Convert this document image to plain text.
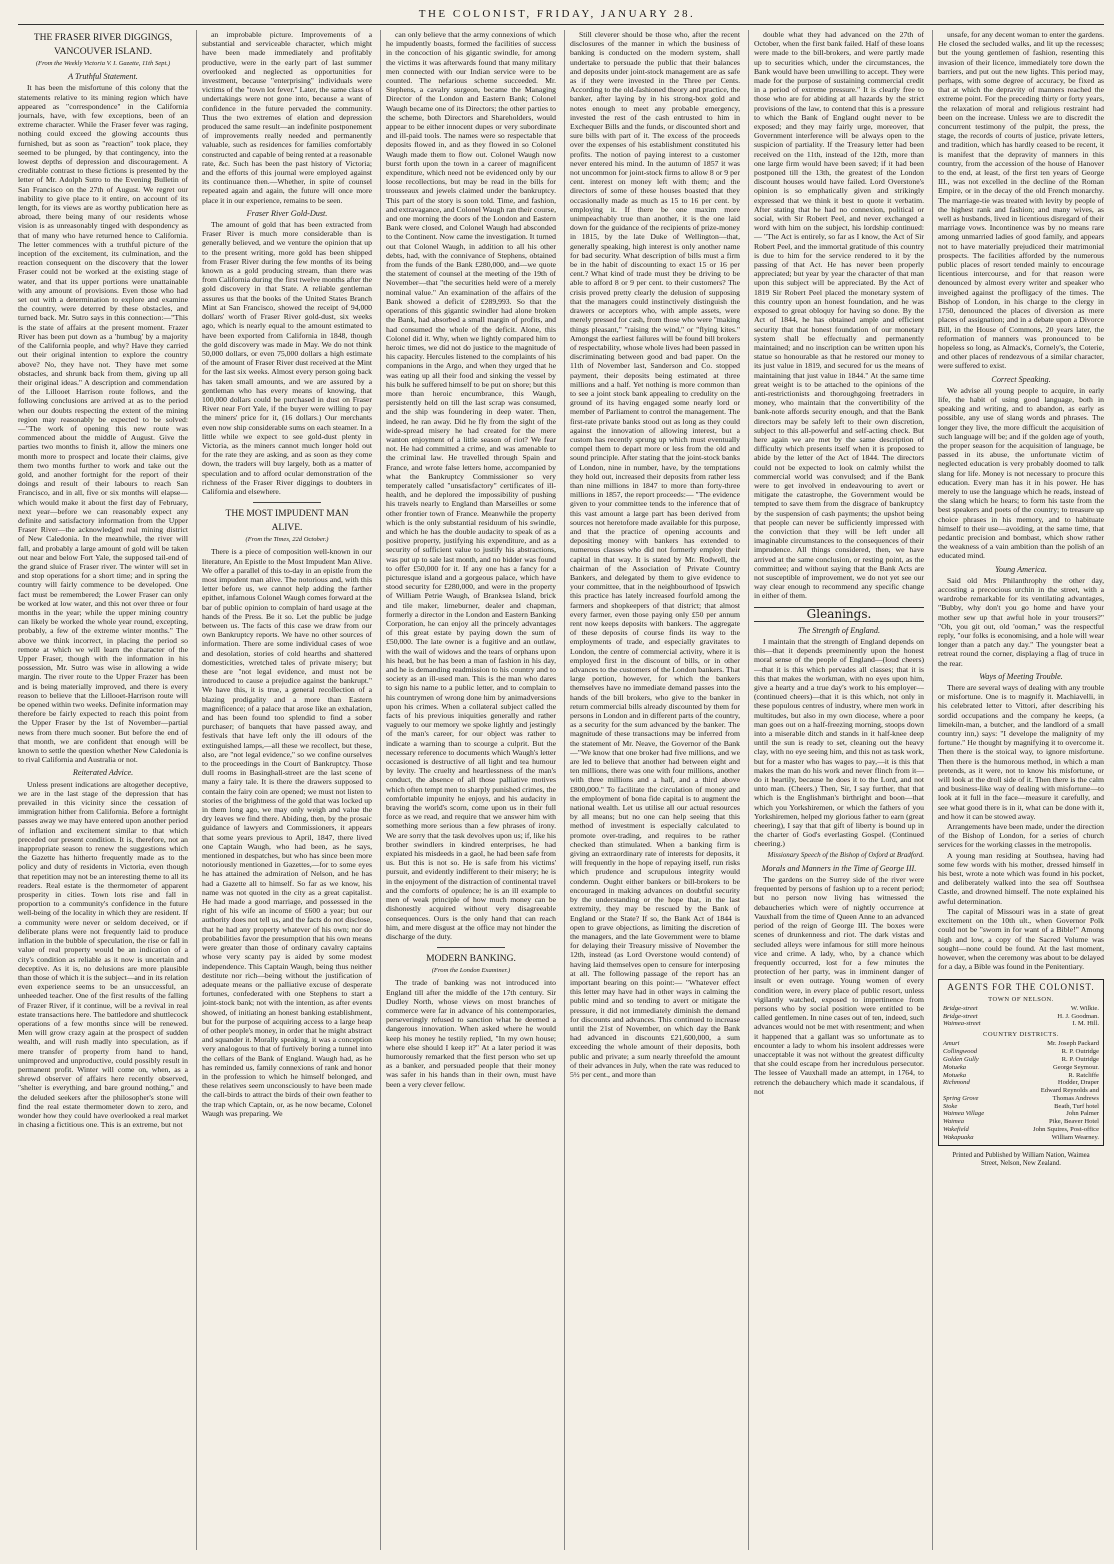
THE COLONIST, FRIDAY, JANUARY 28.
THE FRASER RIVER DIGGINGS,
VANCOUVER ISLAND.
(From the Weekly Victoria V. I. Gazette, 11th Sept.)
A Truthful Statement.

It has been the misfortune of this colony that the statements relative to its mining region which have appeared as "correspondence" in the California journals, have, with few exceptions, been of an extreme character. While the Fraser fever was raging, nothing could exceed the glowing accounts thus furnished, but as soon as "reaction" took place, they seemed to be plunged, by that contingency, into the lowest depths of depression and discouragement. A creditable contrast to these fictions is presented by the letter of Mr. Adolph Sutro to the Evening Bulletin of San Francisco on the 27th of August. We regret our inability to give place to it entire, on account of its length, for its views are as worthy publication here as abroad, there being many of our residents whose vision is as unreasonably tinged with despondency as that of many who have returned hence to California. The letter commences with a truthful picture of the inception of the excitement, its culmination, and the reaction consequent on the discovery that the lower Fraser could not be worked at the existing stage of water, and that its upper portions were unattainable with any amount of provisions. Even those who had set out with a determination to explore and examine the country, were deterred by these obstacles, and turned back. Mr. Sutro says in this connection:—"This is the state of affairs at the present moment. Frazer River has been put down as a 'humbug' by a majority of the California people, and why? Have they carried out their original intention to explore the country above? No, they have not. They have met some obstacles, and shrunk back from them, giving up all their original ideas." A description and commendation of the Lillooet Harrison route follows, and the following conclusions are arrived at as to the period when our doubts respecting the extent of the mining region may reasonably be expected to be solved:—"The work of opening this new route was commenced about the middle of August. Give the parties two months to finish it, allow the miners one month more to prospect and locate their claims, give them two months further to work and take out the gold, and another fortnight for the report of their doings and result of their labours to reach San Francisco, and in all, five or six months will elapse—which would make it about the first day of February, next year—before we can reasonably expect any definite and satisfactory information from the Upper Fraser River—the acknowledged real mining district of New Caledonia. In the meanwhile, the river will fall, and probably a large amount of gold will be taken out near and below Fort Yale, the supposed tail-end of the grand sluice of Fraser river. The winter will set in and stop operations for a short time; and in spring the country will fairly commence to be developed. One fact must be remembered; the Lower Fraser can only be worked at low water, and this not over three or four months in the year; while the upper mining country can likely be worked the whole year round, excepting, probably, a few of the extreme winter months." The above we think incorrect, in placing the period so remote at which we will learn the character of the Upper Fraser, though with the information in his possession, Mr. Sutro was wise in allowing a wide margin. The river route to the Upper Frazer has been and is being materially improved, and there is every reason to believe that the Lillooet-Harrison route will be opened within two weeks. Definite information may therefore be fairly expected to reach this point from the Upper Fraser by the 1st of November—partial news from there much sooner. But before the end of that month, we are confident that enough will be known to settle the question whether New Caledonia is to rival California and Australia or not.

Reiterated Advice.

Unless present indications are altogether deceptive, we are in the last stage of the depression that has prevailed in this vicinity since the cessation of immigration hither from California. Before a fortnight passes away we may have entered upon another period of inflation and excitement similar to that which preceded our present condition. It is, therefore, not an inappropriate season to renew the suggestions which the Gazette has hitherto frequently made as to the policy and duty of residents in Victoria, even though that repetition may not be an interesting theme to all its readers. Real estate is the thermometer of apparent prosperity in cities. Town lots rise and fall in proportion to a community's confidence in the future well-being of the locality in which they are resident. If a community were never or seldom deceived, or if deliberate plans were not frequently laid to produce inflation in the bubble of speculation, the rise or fall in value of real property would be an indication of a city's condition as reliable as it now is uncertain and deceptive. As it is, no delusions are more plausible than those of which it is the subject—and in its relation even experience seems to be an unsuccessful, an unheeded teacher. One of the first results of the falling of Frazer River, if it continue, will be a revival in real estate transactions here. The battledore and shuttlecock operations of a few months since will be renewed. Men will grow crazy again at the prospect of sudden wealth, and will rush madly into speculation, as if mere transfer of property from hand to hand, unimproved and unproductive, could possibly result in permanent profit. Winter will come on, when, as a shrewd observer of affairs here recently observed, "shelter is everything, and bare ground nothing," and the deluded seekers after the philosopher's stone will find the real estate thermometer down to zero, and wonder how they could have overlooked a real market in chasing a fictitious one. This is an extreme, but not

an improbable picture. Improvements of a substantial and serviceable character, which might have been made immediately and profitably productive, were in the early part of last summer overlooked and neglected as opportunities for investment, because "enterprising" individuals were victims of the "town lot fever." Later, the same class of undertakings were not gone into, because a want of confidence in the future pervaded the community. Thus the two extremes of elation and depression produced the same result—an indefinite postponement of improvements really needed and permanently valuable, such as residences for families comfortably constructed and capable of being rented at a reasonable rate, &c. Such has been the past history of Victoria; and the efforts of this journal were employed against its continuance then.—Whether, in spite of counsel repeated again and again, the future will once more place it in our experience, remains to be seen.

Fraser River Gold-Dust.

The amount of gold that has been extracted from Fraser River is much more considerable than is generally believed, and we venture the opinion that up to the present writing, more gold has been shipped from Fraser River during the few months of its being known as a gold producing stream, than there was from California during the first twelve months after the gold discovery in that State. A reliable gentleman assures us that the books of the United States Branch Mint at San Francisco, showed the receipt of 94,000 dollars' worth of Fraser River gold-dust, six weeks ago, which is nearly equal to the amount estimated to have been exported from California in 1848, though the gold discovery was made in May. We do not think 50,000 dollars, or even 75,000 dollars a high estimate of the amount of Fraser River dust received at the Mint for the last six weeks. Almost every person going back has taken small amounts, and we are assured by a gentleman who has every means of knowing, that 100,000 dollars could be purchased in dust on Fraser River near Fort Yale, if the buyer were willing to pay the miners' price for it, (16 dollars.) Our merchants even now ship considerable sums on each steamer. In a little while we expect to see gold-dust plenty in Victoria, as the miners cannot much longer hold out for the rate they are asking, and as soon as they come down, the traders will buy largely, both as a matter of speculation and to afford ocular demonstration of the richness of the Fraser River diggings to doubters in California and elsewhere.

THE MOST IMPUDENT MAN
ALIVE.
(From the Times, 22d October.)

There is a piece of composition well-known in our literature, An Epistle to the Most Impudent Man Alive. We offer a parallel of this to-day in an epistle from the most impudent man alive. The notorious and, with this letter before us, we cannot help adding the farther epithet, infamous Colonel Waugh comes forward at the bar of public opinion to complain of hard usage at the hands of the Press. Be it so. Let the public be judge between us. The facts of this case we draw from our own Bankruptcy reports. We have no other sources of information. There are some individual cases of woe and desolation, stories of cold hearths and shattered domesticities, wretched tales of private misery; but these are "not legal evidence, and must not be introduced to cause a prejudice against the bankrupt." We have this, it is true, a general recollection of a blazing prodigality and a more than Eastern magnificence; of a palace that arose like an exhalation, and has been found too splendid to find a sober purchaser; of banquets that have passed away, and festivals that have left only the ill odours of the extinguished lamps,—all these we recollect, but these, also, are "not legal evidence," so we confine ourselves to the proceedings in the Court of Bankruptcy. Those dull rooms in Basinghall-street are the last scene of many a fairy tale. It is there the drawers supposed to contain the fairy coin are opened; we must not listen to stories of the brightness of the gold that was locked up in them long ago, we may only weigh and value the dry leaves we find there. Abiding, then, by the prosaic guidance of lawyers and Commissioners, it appears that some years previous to April, 1847, there lived one Captain Waugh, who had been, as he says, mentioned in despatches, but who has since been more notoriously mentioned in Gazettes,—for to some eyes he has attained the admiration of Nelson, and he has had a Gazette all to himself. So far as we know, his name was not quoted in the city as a great capitalist. He had made a good marriage, and possessed in the right of his wife an income of £600 a year; but our authority does not tell us, and the facts do not disclose, that he had any property whatever of his own; nor do probabilities favor the presumption that his own means were greater than those of ordinary cavalry captains whose very scanty pay is aided by some modest independence. This Captain Waugh, being thus neither destitute nor rich—being without the justification of adequate means or the palliative excuse of desperate fortunes, confederated with one Stephens to start a joint-stock bank; not with the intention, as after events showed, of initiating an honest banking establishment, but for the purpose of acquiring access to a large heap of other people's money, in order that he might abstract and squander it. Morally speaking, it was a conception very analogous to that of furtively boring a tunnel into the cellars of the Bank of England. Waugh had, as he has reminded us, family connexions of rank and honor in the profession to which he himself belonged, and these relatives seem unconsciously to have been made the call-birds to attract the birds of their own feather to the trap which Captain, or, as he now became, Colonel Waugh was preparing. We

can only believe that the army connexions of which he impudently boasts, formed the facilities of success in the concoction of his gigantic swindle, for among the victims it was afterwards found that many military men connected with our Indian service were to be counted. The nefarious scheme succeeded. Mr. Stephens, a cavalry surgeon, became the Managing Director of the London and Eastern Bank; Colonel Waugh became one of its Directors; the other parties to the scheme, both Directors and Shareholders, would appear to be either innocent dupes or very subordinate and ill-paid tools. The names were so respectable that deposits flowed in, and as they flowed in so Colonel Waugh made them to flow out. Colonel Waugh now burst forth upon the town in a career of magnificent expenditure, which need not be evidenced only by our loose recollections, but may be read in the bills for trousseaux and jewels claimed under the bankruptcy. This part of the story is soon told. Time, and fashion, and extravagance, and Colonel Waugh ran their course, and one morning the doors of the London and Eastern Bank were closed, and Colonel Waugh had absconded to the Continent. Now came the investigation. It turned out that Colonel Waugh, in addition to all his other debts, had, with the connivance of Stephens, obtained from the funds of the Bank £280,000, and—we quote the statement of counsel at the meeting of the 19th of November—that "the securities held were of a merely nominal value." An examination of the affairs of the Bank showed a deficit of £289,993. So that the operations of this gigantic swindler had alone broken the Bank, had absorbed a small margin of profits, and had consumed the whole of the deficit. Alone, this Colonel did it. Why, when we lightly compared him to heroic times, we did not do justice to the magnitude of his capacity. Hercules listened to the complaints of his companions in the Argo, and when they urged that he was eating up all their food and sinking the vessel by his bulk he suffered himself to be put on shore; but this more than heroic encumbrance, this Waugh, persistently held on till the last scrap was consumed, and the ship was foundering in deep water. Then, indeed, he ran away. Did he fly from the sight of the wide-spread misery he had created for the mere wanton enjoyment of a little season of riot? We fear not. He had committed a crime, and was amenable to the criminal law. He travelled through Spain and France, and wrote false letters home, accompanied by what the Bankruptcy Commissioner so very temperately called "unsatisfactory" certificates of ill-health, and he deplored the impossibility of pushing his travels nearly to England than Marseilles or some other frontier town of France. Meanwhile the property which is the only substantial residuum of his swindle, and which he has the double audacity to speak of as a positive property, justifying his expenditure, and as a security of sufficient value to justify his abstractions, was put up to sale last month, and no bidder was found to offer £50,000 for it. If any one has a fancy for a picturesque island and a gorgeous palace, which have stood security for £280,000, and were in the property of William Petrie Waugh, of Branksea Island, brick and tile maker, limeburner, dealer and chapman, formerly a director in the London and Eastern Banking Corporation, he can enjoy all the princely advantages of this great estate by paying down the sum of £50,000. The late owner is a fugitive and an outlaw, with the wail of widows and the tears of orphans upon his head, but he has been a man of fashion in his day, and he is demanding readmission to his country and to society as an ill-used man. This is the man who dares to sign his name to a public letter, and to complain to his countrymen of wrong done him by animadversions upon his crimes. When a collateral subject called the facts of his previous iniquities generally and rather vaguely to our memory we spoke lightly and jestingly of the man's career, for our object was rather to indicate a warning than to scourge a culprit. But the necessary reference to documents which Waugh's letter occasioned is destructive of all light and tea humour by levity. The cruelty and heartlessness of the man's conduct, the absence of all those palliative motives which often tempt men to sharply punished crimes, the comfortable impunity he enjoys, and his audacity in braving the world's scorn, come upon us in their full force as we read, and require that we answer him with something more serious than a few phrases of irony. We are sorry that the task devolves upon us; if, like his brother swindlers in kindred enterprises, he had expiated his misdeeds in a gaol, he had been safe from us. But this is not so. He is safe from his victims' pursuit, and evidently indifferent to their misery; he is in the enjoyment of the distraction of continental travel and the comforts of opulence; he is an ill example to men of weak principle of how much money can be dishonestly acquired without very disagreeable consequences. Ours is the only hand that can reach him, and mere disgust at the office may not hinder the discharge of the duty.

MODERN BANKING.
(From the London Examiner.)

The trade of banking was not introduced into England till after the middle of the 17th century. Sir Dudley North, whose views on most branches of commerce were far in advance of his contemporaries, perseveringly refused to sanction what he deemed a dangerous innovation. When asked where he would keep his money he testily replied, "In my own house; where else should I keep it?" At a later period it was humorously remarked that the first person who set up as a banker, and persuaded people that their money was safer in his hands than in their own, must have been a very clever fellow.

Still cleverer should be those who, after the recent disclosures of the manner in which the business of banking is conducted on the modern system, shall undertake to persuade the public that their balances and deposits under joint-stock management are as safe as if they were invested in the Three per Cents. According to the old-fashioned theory and practice, the banker, after laying by in his strong-box gold and notes enough to meet any probable emergency, invested the rest of the cash entrusted to him in Exchequer Bills and the funds, or discounted short and sure bills with part of it. The excess of the proceeds over the expenses of his establishment constituted his profits. The notion of paying interest to a customer never entered his mind. In the autumn of 1857 it was not uncommon for joint-stock firms to allow 8 or 9 per cent. interest on money left with them; and the directors of some of these houses boasted that they occasionally made as much as 15 to 16 per cent. by employing it. If there be one maxim more unimpeachably true than another, it is the one laid down for the guidance of the recipients of prize-money in 1815, by the late Duke of Wellington—that, generally speaking, high interest is only another name for bad security. What description of bills must a firm be in the habit of discounting to exact 15 or 16 per cent.? What kind of trade must they be driving to be able to afford 8 or 9 per cent. to their customers? The crisis proved pretty clearly the delusion of supposing that the managers could instinctively distinguish the drawers or acceptors who, with ample assets, were merely pressed for cash, from those who were "making things pleasant," "raising the wind," or "flying kites." Amongst the earliest failures will be found bill brokers of respectability, whose whole lives had been passed in discriminating between good and bad paper. On the 11th of November last, Sanderson and Co. stopped payment, their deposits being estimated at three millions and a half. Yet nothing is more common than to see a joint stock bank appealing to credulity on the ground of its having engaged some nearly lord or member of Parliament to control the management. The first-rate private banks stood out as long as they could against the innovation of allowing interest, but a custom has recently sprung up which must eventually compel them to depart more or less from the old and sound principle. After stating that the joint-stock banks of London, nine in number, have, by the temptations they hold out, increased their deposits from rather less than nine millions in 1847 to more than forty-three millions in 1857, the report proceeds:— "The evidence given to your committee tends to the inference that of this vast amount a large part has been derived from sources not heretofore made available for this purpose, and that the practice of opening accounts and depositing money with bankers has extended to numerous classes who did not formerly employ their capital in that way. It is stated by Mr. Rodwell, the chairman of the Association of Private Country Bankers, and delegated by them to give evidence to your committee, that in the neighbourhood of Ipswich this practice has lately increased fourfold among the farmers and shopkeepers of that district; that almost every farmer, even those paying only £50 per annum rent now keeps deposits with bankers. The aggregate of these deposits of course finds its way to the employments of trade, and especially gravitates to London, the centre of commercial activity, where it is employed first in the discount of bills, or in other advances to the customers of the London bankers. That large portion, however, for which the bankers themselves have no immediate demand passes into the hands of the bill brokers, who give to the banker in return commercial bills already discounted by them for persons in London and in different parts of the country, as a security for the sum advanced by the banker. The magnitude of these transactions may be inferred from the statement of Mr. Neave, the Governor of the Bank—"We know that one broker had five millions, and we are led to believe that another had between eight and ten millions, there was one with four millions, another with three millions and a half, and a third above £800,000." To facilitate the circulation of money and the employment of bona fide capital is to augment the national wealth. Let us utilise all our actual resources by all means; but no one can help seeing that this method of investment is especially calculated to promote over-trading, and requires to be rather checked than stimulated. When a banking firm is giving an extraordinary rate of interests for deposits, it will frequently in the hope of repaying itself, run risks which prudence and scrupulous integrity would condemn. Ought either bankers or bill-brokers to be encouraged in making advances on doubtful security by the understanding or the hope that, in the last extremity, they may be rescued by the Bank of England or the State? If so, the Bank Act of 1844 is open to grave objections, as limiting the discretion of the managers, and the late Government were to blame for delaying their Treasury missive of November the 12th, instead (as Lord Overstone would contend) of having laid themselves open to censure for interposing at all. The following passage of the report has an important bearing on this point:— "Whatever effect this letter may have had in other ways in calming the public mind and so tending to avert or mitigate the pressure, it did not immediately diminish the demand for discounts and advances. This continued to increase until the 21st of November, on which day the Bank had advanced in discounts £21,600,000, a sum exceeding the whole amount of their deposits, both public and private; a sum nearly threefold the amount of their advances in July, when the rate was reduced to 5½ per cent., and more than

double what they had advanced on the 27th of October, when the first bank failed. Half of these loans were made to the bill-brokers, and were partly made up to securities which, under the circumstances, the Bank would have been unwilling to accept. They were made for the purpose of sustaining commercial credit in a period of extreme pressure." It is clearly free to those who are for abiding at all hazards by the strict provisions of the law, to contend that this is a pressure to which the Bank of England ought never to be exposed; and they may fairly urge, moreover, that Government interference will be always open to the suspicion of partiality. If the Treasury letter had been received on the 11th, instead of the 12th, more than one large firm would have been saved; if it had been postponed till the 13th, the greatest of the London discount houses would have failed. Lord Overstone's opinion is so emphatically given and strikingly expressed that we think it best to quote it verbatim. After stating that he had no connexion, political or social, with Sir Robert Peel, and never exchanged a word with him on the subject, his lordship continued:— "The Act is entirely, so far as I know, the Act of Sir Robert Peel, and the immortal gratitude of this country is due to him for the service rendered to it by the passing of that Act. He has never been properly appreciated; but year by year the character of that man upon this subject will be appreciated. By the Act of 1819 Sir Robert Peel placed the monetary system of this country upon an honest foundation, and he was exposed to great obloquy for having so done. By the Act of 1844, he has obtained ample and efficient security that that honest foundation of our monetary system shall be effectually and permanently maintained; and no inscription can be written upon his statue so honourable as that he restored our money to its just value in 1819, and secured for us the means of maintaining that just value in 1844." At the same time great weight is to be attached to the opinions of the anti-restrictionists and thoroughgoing freetraders in money, who maintain that the convertibility of the bank-note affords security enough, and that the Bank directors may be safely left to their own discretion, subject to this all-powerful and self-acting check. But here again we are met by the same description of difficulty which presents itself when it is proposed to abide by the letter of the Act of 1844. The directors could not be expected to look on calmly whilst the commercial world was convulsed; and if the Bank were to get involved in endeavouring to avert or mitigate the catastrophe, the Government would be tempted to save them from the disgrace of bankruptcy by the suspension of cash payments; the upshot being that people can never be sufficiently impressed with the conviction that they will be left under all imaginable circumstances to the consequences of their imprudence. All things considered, then, we have arrived at the same conclusion, or resting point, as the committee; and without saying that the Bank Acts are not susceptible of improvement, we do not yet see our way clear enough to recommend any specific change in either of them.

Gleanings.
The Strength of England.

I maintain that the strength of England depends on this—that it depends preeminently upon the honest moral sense of the people of England—(loud cheers)—that it is this which pervades all classes; that it is this that makes the workman, with no eyes upon him, give a hearty and a true day's work to his employer—(continued cheers)—that it is this which, not only in these populous centres of industry, where men work in multitudes, but also in my own diocese, where a poor man goes out on a half-freezing morning, stoops down into a miserable ditch and stands in it half-knee deep until the sun is ready to set, cleaning out the heavy clay, with no eye seeing him, and this not as task work, but for a master who has wages to pay,—it is this that makes the man do his work and never flinch from it—do it heartily, because he does it to the Lord, and not unto man. (Cheers.) Then, Sir, I say further, that that which is the Englishman's birthright and boon—that which you Yorkshiremen, or which the fathers of you Yorkshiremen, helped my glorious father to earn (great cheering), I say that that gift of liberty is bound up in the charter of God's everlasting Gospel. (Continued cheering.)

Missionary Speech of the Bishop of Oxford at Bradford.
Morals and Manners in the Time of George III.

The gardens on the Surrey side of the river were frequented by persons of fashion up to a recent period; but no person now living has witnessed the debaucheries which were of nightly occurrence at Vauxhall from the time of Queen Anne to an advanced period of the reign of George III. The boxes were scenes of drunkenness and riot. The dark vistas and secluded alleys were infamous for still more heinous vice and crime. A lady, who, by a chance which frequently occurred, lost for a few minutes the protection of her party, was in imminent danger of insult or even outrage. Young women of every condition were, in every place of public resort, unless vigilantly watched, exposed to impertinence from persons who by social position were entitled to be called gentlemen. In nine cases out of ten, indeed, such advances would not be met with resentment; and when it happened that a gallant was so unfortunate as to encounter a lady to whom his insolent addresses were unacceptable it was not without the greatest difficulty that she could escape from her incredulous persecutor. The lessee of Vauxhall made an attempt, in 1764, to retrench the debauchery which made it scandalous, if not

unsafe, for any decent woman to enter the gardens. He closed the secluded walks, and lit up the recesses; but the young gentlemen of fashion, resenting this invasion of their licence, immediately tore down the barriers, and put out the new lights. This period may, perhaps, with some degree of accuracy, be fixed as that at which the depravity of manners reached the extreme point. For the preceding thirty or forty years, the relaxation of moral and religious restraint had been on the increase. Unless we are to discredit the concurrent testimony of the pulpit, the press, the stage, the records of courts of justice, private letters, and tradition, which has hardly ceased to be recent, it is manifest that the depravity of manners in this country, from the accession of the house of Hanover to the end, at least, of the first ten years of George III., was not excelled in the decline of the Roman Empire, or in the decay of the old French monarchy. The marriage-tie was treated with levity by people of the highest rank and fashion; and many wives, as well as husbands, lived in licentious disregard of their marriage vows. Incontinence was by no means rare among unmarried ladies of good family, and appears not to have materially prejudiced their matrimonial prospects. The facilities afforded by the numerous public places of resort tended mainly to encourage licentious intercourse, and for that reason were denounced by almost every writer and speaker who inveighed against the profligacy of the times. The Bishop of London, in his charge to the clergy in 1750, denounced the places of diversion as mere places of assignation; and in a debate upon a Divorce Bill, in the House of Commons, 20 years later, the reformation of manners was pronounced to be hopeless so long, as Almack's, Cornely's, the Coterie, and other places of rendezvous of a similar character, were suffered to exist.

Correct Speaking.

We advise all young people to acquire, in early life, the habit of using good language, both in speaking and writing, and to abandon, as early as possible, any use of slang words and phrases. The longer they live, the more difficult the acquisition of such language will be; and if the golden age of youth, the proper season for the acquisition of language, be passed in its abuse, the unfortunate victim of neglected education is very probably doomed to talk slang for life. Money is not necessary to procure this education. Every man has it in his power. He has merely to use the language which he reads, instead of the slang which he hears; to form his taste from the best speakers and poets of the country; to treasure up choice phrases in his memory, and to habituate himself to their use—avoiding, at the same time, that pedantic precision and bombast, which show rather the weakness of a vain ambition than the polish of an educated mind.

Young America.

Said old Mrs Philanthrophy the other day, accosting a precocious urchin in the street, with a wardrobe remarkable for its ventilating advantages, "Bubby, why don't you go home and have your mother sew up that awful hole in your trousers?" "Oh, you git out, old 'ooman," was the respectful reply, "our folks is economising, and a hole will wear longer than a patch any day." The youngster beat a retreat round the corner, displaying a flag of truce in the rear.

Ways of Meeting Trouble.

There are several ways of dealing with any trouble or misfortune. One is to magnify it. Machiavelli, in his celebrated letter to Vittori, after describing his sordid occupations and the company he keeps, (a limekiln-man, a butcher, and the landlord of a small country inn,) says: "I develope the malignity of my fortune." He thought by magnifying it to overcome it. Then there is the stoical way, to ignore misfortune. Then there is the humorous method, in which a man pretends, as it were, not to know his misfortune, or will look at the droll side of it. Then there is the calm and business-like way of dealing with misfortune—to look at it full in the face—measure it carefully, and see what good there is in it, what can be done with it, and how it can be stowed away.

Arrangements have been made, under the direction of the Bishop of London, for a series of church services for the working classes in the metropolis.

A young man residing at Southsea, having had some few words with his mother, dressed himself in his best, wrote a note which was found in his pocket, and deliberately walked into the sea off Southsea Castle, and drowned himself. The note explained his awful determination.

The capital of Missouri was in a state of great excitement on the 10th ult., when Governor Polk could not be "sworn in for want of a Bible!" Among high and low, a copy of the Sacred Volume was sought—none could be found. At the last moment, however, when the ceremony was about to be delayed for a day, a Bible was found in the Penitentiary.

AGENTS FOR THE COLONIST.
TOWN OF NELSON.
Bridge-street	W. Wilkie.
Bridge-street	H. J. Goodman.
Waimea-street	I. M. Hill.
COUNTRY DISTRICTS.
Amuri	Mr. Joseph Packard
Collingwood	R. P. Outridge
Golden Gully	R. P. Outridge
Motueka	George Seymour.
Motueka	R. Ratcliffe
Richmond	Hodder, Draper
Edward Reynolds and
Spring Grove	Thomas Andrews
Stoke	Beath, Turf hotel
Waimea Village	John Palmer
Waimea	Pike, Beaver Hotel
Wakefield	John Squires, Post-office
Wakapuaka	William Wearney.
Printed and Published by William Nation, Waimea
Street, Nelson, New Zealand.
